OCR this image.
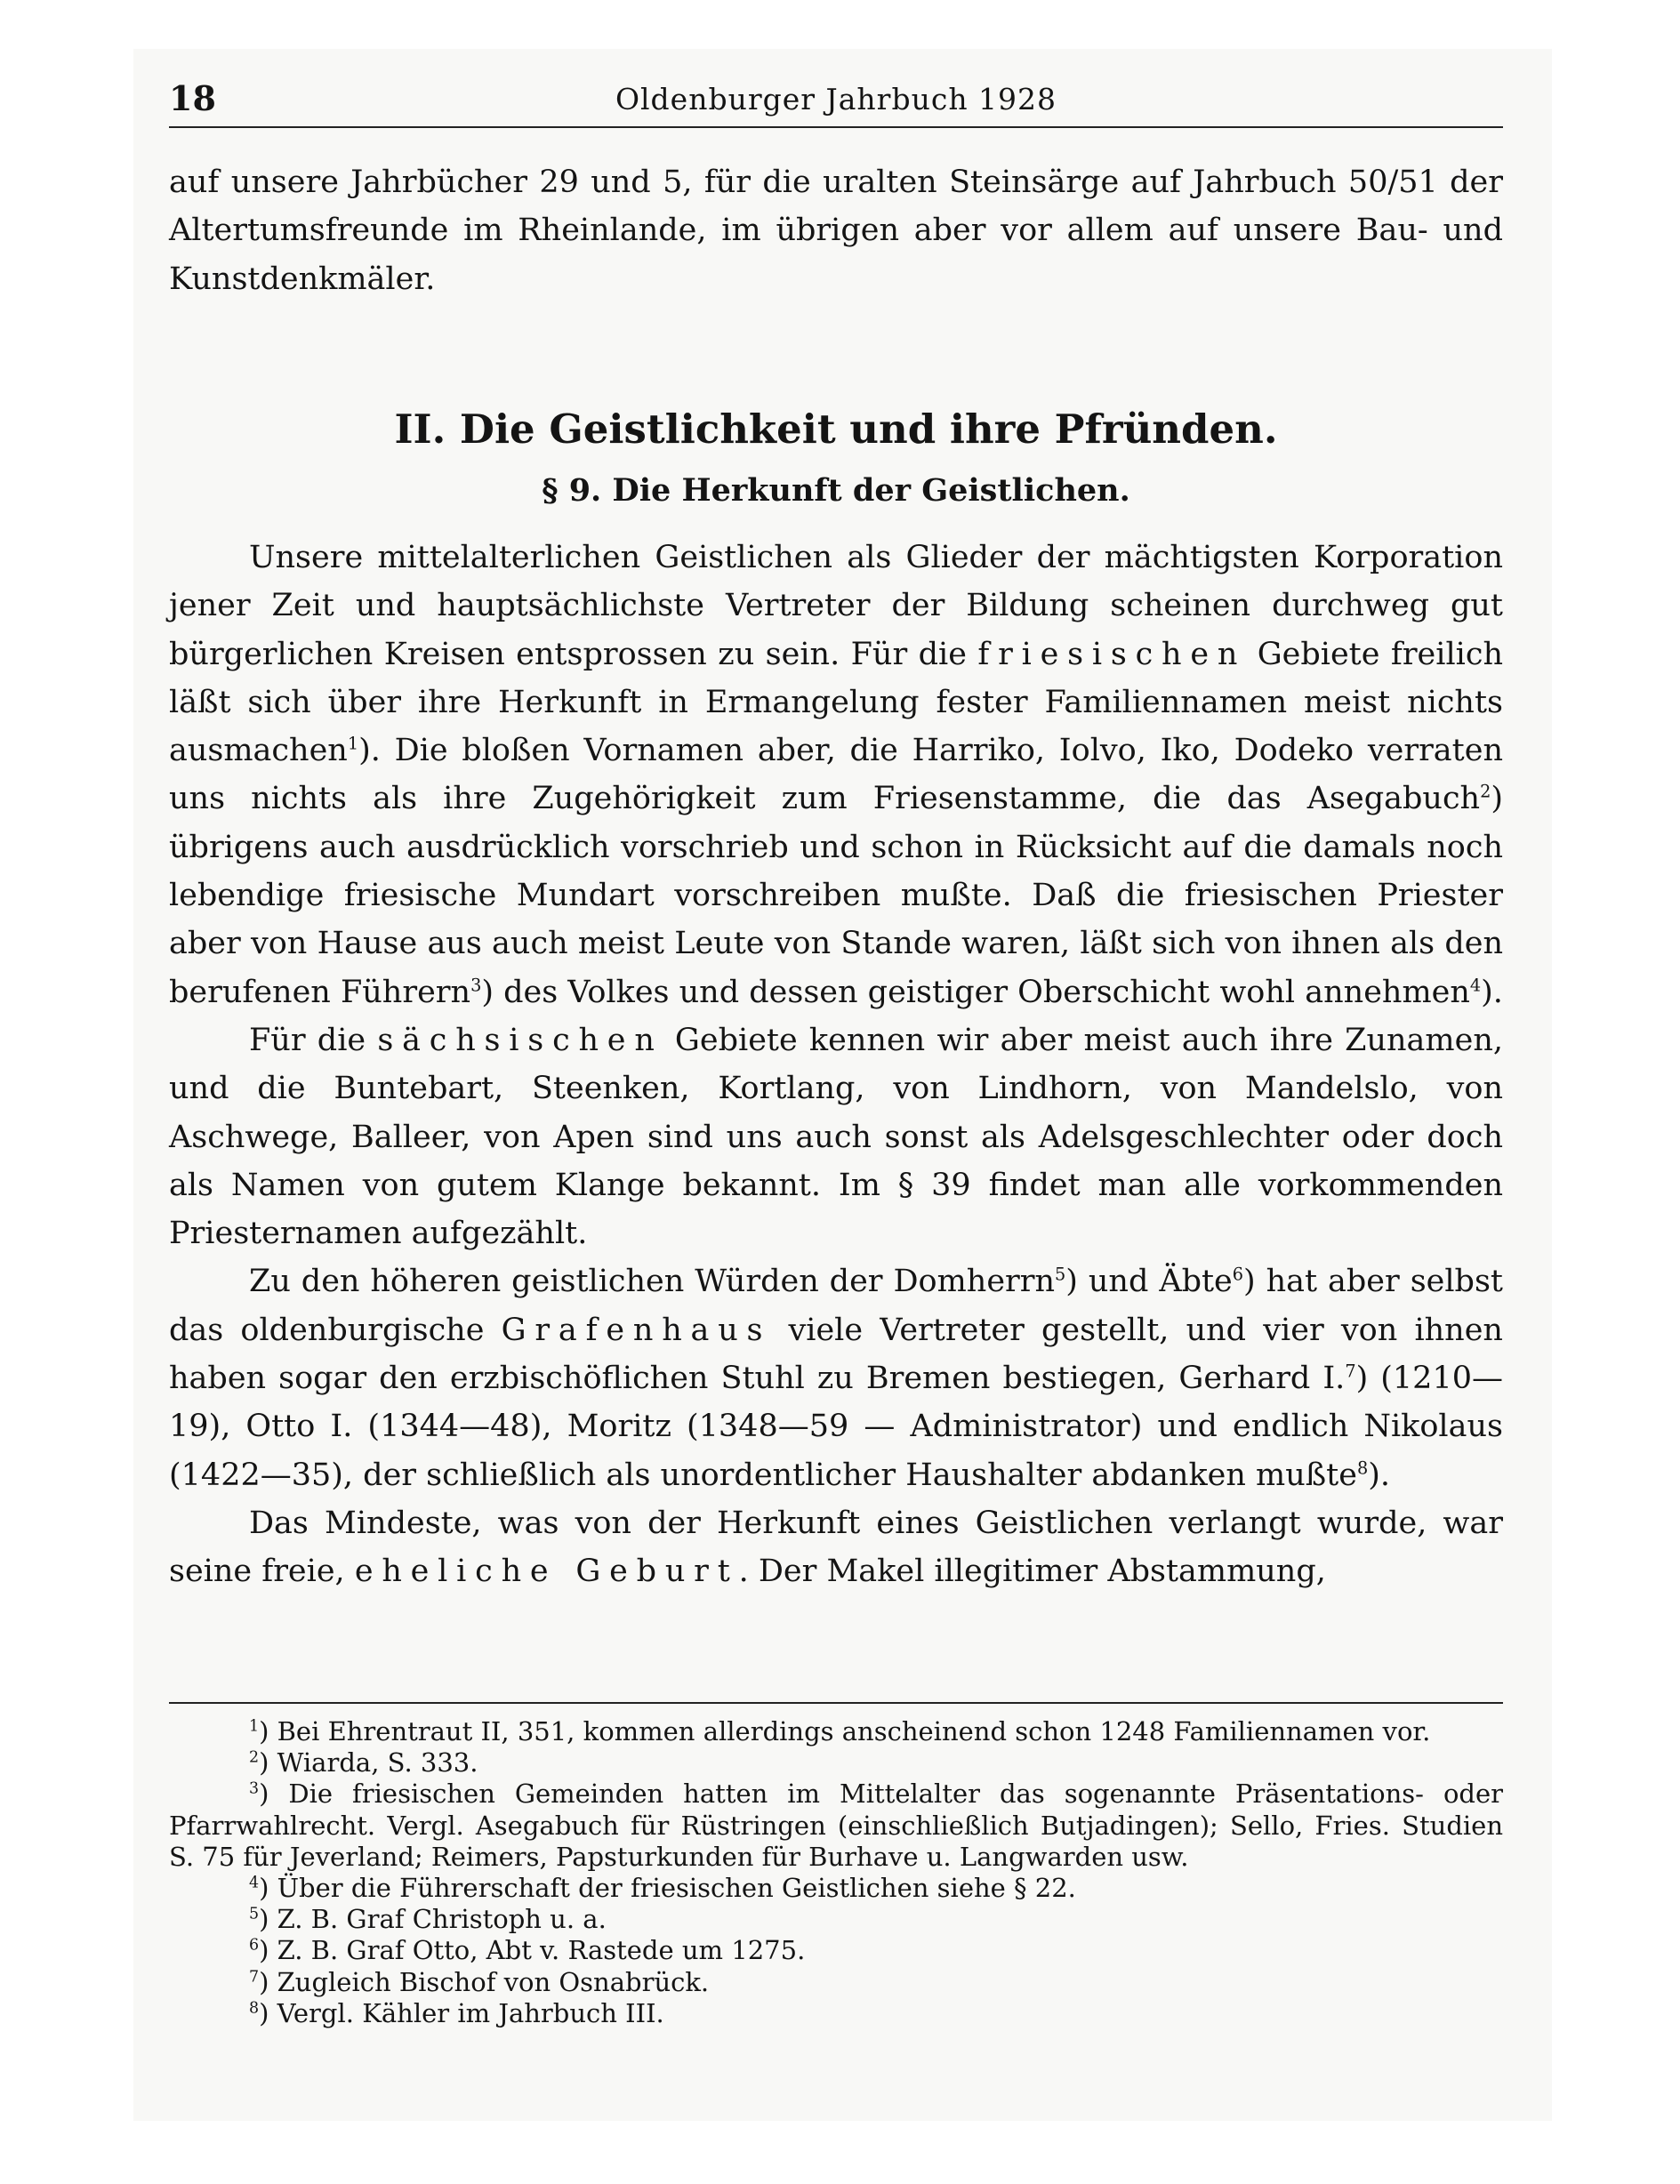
18	Oldenburger Jahrbuch 1928

auf unsere Jahrbücher 29 und 5, für die uralten Steinsärge auf Jahrbuch 50/51 der Altertumsfreunde im Rheinlande, im übrigen aber vor allem auf unsere Bau- und Kunstdenkmäler.

II. Die Geistlichkeit und ihre Pfründen.
§ 9. Die Herkunft der Geistlichen.

Unsere mittelalterlichen Geistlichen als Glieder der mächtigsten Korporation jener Zeit und hauptsächlichste Vertreter der Bildung scheinen durchweg gut bürgerlichen Kreisen entsprossen zu sein. Für die friesischen Gebiete freilich läßt sich über ihre Herkunft in Ermangelung fester Familiennamen meist nichts ausmachen$^1$). Die bloßen Vornamen aber, die Harriko, Iolvo, Iko, Dodeko verraten uns nichts als ihre Zugehörigkeit zum Friesenstamme, die das Asegabuch$^2$) übrigens auch ausdrücklich vorschrieb und schon in Rücksicht auf die damals noch lebendige friesische Mundart vorschreiben mußte. Daß die friesischen Priester aber von Hause aus auch meist Leute von Stande waren, läßt sich von ihnen als den berufenen Führern$^3$) des Volkes und dessen geistiger Oberschicht wohl annehmen$^4$).

Für die sächsischen Gebiete kennen wir aber meist auch ihre Zunamen, und die Buntebart, Steenken, Kortlang, von Lindhorn, von Mandelslo, von Aschwege, Balleer, von Apen sind uns auch sonst als Adelsgeschlechter oder doch als Namen von gutem Klange bekannt. Im § 39 findet man alle vorkommenden Priesternamen aufgezählt.

Zu den höheren geistlichen Würden der Domherrn$^5$) und Äbte$^6$) hat aber selbst das oldenburgische Grafenhaus viele Vertreter gestellt, und vier von ihnen haben sogar den erzbischöflichen Stuhl zu Bremen bestiegen, Gerhard I.$^7$) (1210—19), Otto I. (1344—48), Moritz (1348—59 — Administrator) und endlich Nikolaus (1422—35), der schließlich als unordentlicher Haushalter abdanken mußte$^8$).

Das Mindeste, was von der Herkunft eines Geistlichen verlangt wurde, war seine freie, eheliche Geburt. Der Makel illegitimer Abstammung,

$^1$) Bei Ehrentraut II, 351, kommen allerdings anscheinend schon 1248 Familiennamen vor.

$^2$) Wiarda, S. 333.

$^3$) Die friesischen Gemeinden hatten im Mittelalter das sogenannte Präsentations- oder Pfarrwahlrecht. Vergl. Asegabuch für Rüstringen (einschließlich Butjadingen); Sello, Fries. Studien S. 75 für Jeverland; Reimers, Papsturkunden für Burhave u. Langwarden usw.

$^4$) Über die Führerschaft der friesischen Geistlichen siehe § 22.

$^5$) Z. B. Graf Christoph u. a.

$^6$) Z. B. Graf Otto, Abt v. Rastede um 1275.

$^7$) Zugleich Bischof von Osnabrück.

$^8$) Vergl. Kähler im Jahrbuch III.
